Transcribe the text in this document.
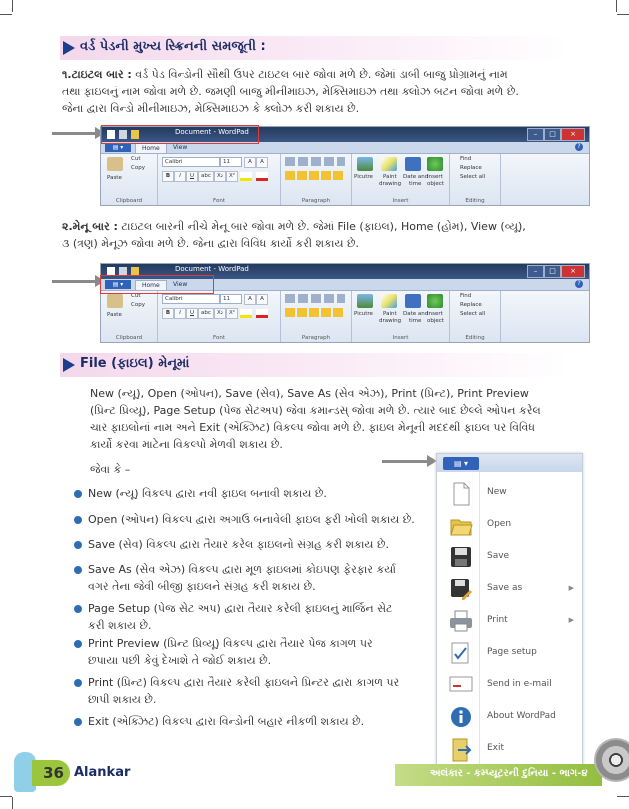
વર્ડ પેડની મુખ્ય સ્ક્રિનની સમજૂતી :
૧.ટાઇટલ બાર : વર્ડ પેડ વિન્ડોની સૌથી ઉપર ટાઇટલ બાર જોવા મળે છે. જેમાં ડાબી બાજુ પ્રોગ્રામનું નામ
તથા ફાઇલનું નામ જોવા મળે છે. જમણી બાજુ મીનીમાઇઝ, મેક્સિમાઇઝ તથા ક્લોઝ બટન જોવા મળે છે.
જેના દ્વારા વિન્ડો મીનીમાઇઝ, મેક્સિમાઇઝ કે ક્લોઝ કરી શકાય છે.
Document - WordPad	–	□	×
▤ ▾	Home	View	?
Paste
Cut
Copy
Clipboard
Calibri	11	A	A
B	I	U	abc	X₂	X²
Font	Paragraph
Picutre Paint
drawing
Date and
time
Insert
object
Insert
Find
Replace
Select all
Editing
૨.મેનૂ બાર : ટાઇટલ બારની નીચે મેનૂ બાર જોવા મળે છે. જેમાં File (ફાઇલ), Home (હોમ), View (વ્યૂ),
૩ (ત્રણ) મેનૂઝ જોવા મળે છે. જેના દ્વારા વિવિધ કાર્યો કરી શકાય છે.
Document - WordPad	–	□	×
▤ ▾	Home	View	?
Paste
Cut
Copy
Clipboard
Calibri	11	A	A
B	I	U	abc	X₂	X²
Font	Paragraph
Picutre Paint
drawing
Date and
time
Insert
object
Insert
Find
Replace
Select all
Editing
File (ફાઇલ) મેનૂમાં
New (ન્યૂ), Open (ઓપન), Save (સેવ), Save As (સેવ એઝ), Print (પ્રિન્ટ), Print Preview
(પ્રિન્ટ પ્રિવ્યૂ), Page Setup (પેજ સેટઅપ) જેવા કમાન્ડસ્ જોવા મળે છે. ત્યાર બાદ છેલ્લે ઓપન કરેલ
ચાર ફાઇલોનાં નામ અને Exit (એક્ઝિટ) વિકલ્પ જોવા મળે છે. ફાઇલ મેનૂની મદદથી ફાઇલ પર વિવિધ
કાર્યો કરવા માટેના વિકલ્પો મેળવી શકાય છે.
જેવા કે –
New (ન્યૂ) વિકલ્પ દ્વારા નવી ફાઇલ બનાવી શકાય છે.
Open (ઓપન) વિકલ્પ દ્વારા અગાઉ બનાવેલી ફાઇલ ફરી ખોલી શકાય છે.
Save (સેવ) વિકલ્પ દ્વારા તૈયાર કરેલ ફાઇલનો સંગ્રહ કરી શકાય છે.
Save As (સેવ એઝ) વિકલ્પ દ્વારા મૂળ ફાઇલમાં કોઇપણ ફેરફાર કર્યા
વગર તેના જેવી બીજી ફાઇલને સંગ્રહ કરી શકાય છે.
Page Setup (પેજ સેટ અપ) દ્વારા તૈયાર કરેલી ફાઇલનું માર્જિન સેટ
કરી શકાય છે.
Print Preview (પ્રિન્ટ પ્રિવ્યૂ) વિકલ્પ દ્વારા તૈયાર પેજ કાગળ પર
છપાયા પછી કેવું દેખાશે તે જોઈ શકાય છે.
Print (પ્રિન્ટ) વિકલ્પ દ્વારા તૈયાર કરેલી ફાઇલને પ્રિન્ટર દ્વારા કાગળ પર
છાપી શકાય છે.
Exit (એક્ઝિટ) વિકલ્પ દ્વારા વિન્ડોની બહાર નીકળી શકાય છે.
▤ ▾
New
Open
Save
Save as	▶
Print	▶
Page setup
Send in e-mail
About WordPad
Exit
36 Alankar	અલંકાર - કમ્પ્યૂટરની દુનિયા - ભાગ-૪
